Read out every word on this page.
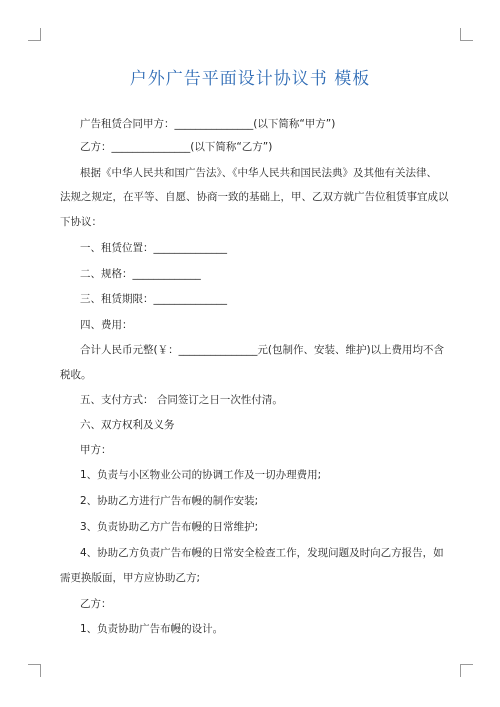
户外广告平面设计协议书 模板
广告租赁合同甲方：_______________(以下简称“甲方”)
乙方：_______________(以下简称“乙方”)
根据《中华人民共和国广告法》、《中华人民共和国民法典》及其他有关法律、
法规之规定，在平等、自愿、协商一致的基础上，甲、乙双方就广告位租赁事宜成以
下协议：
一、租赁位置：______________
二、规格：_____________
三、租赁期限：______________
四、费用：
合计人民币元整(￥：_______________元(包制作、安装、维护)以上费用均不含
税收。
五、支付方式： 合同签订之日一次性付清。
六、双方权利及义务
甲方：
1、负责与小区物业公司的协调工作及一切办理费用;
2、协助乙方进行广告布幔的制作安装;
3、负责协助乙方广告布幔的日常维护;
4、协助乙方负责广告布幔的日常安全检查工作，发现问题及时向乙方报告，如
需更换版面，甲方应协助乙方;
乙方：
1、负责协助广告布幔的设计。
